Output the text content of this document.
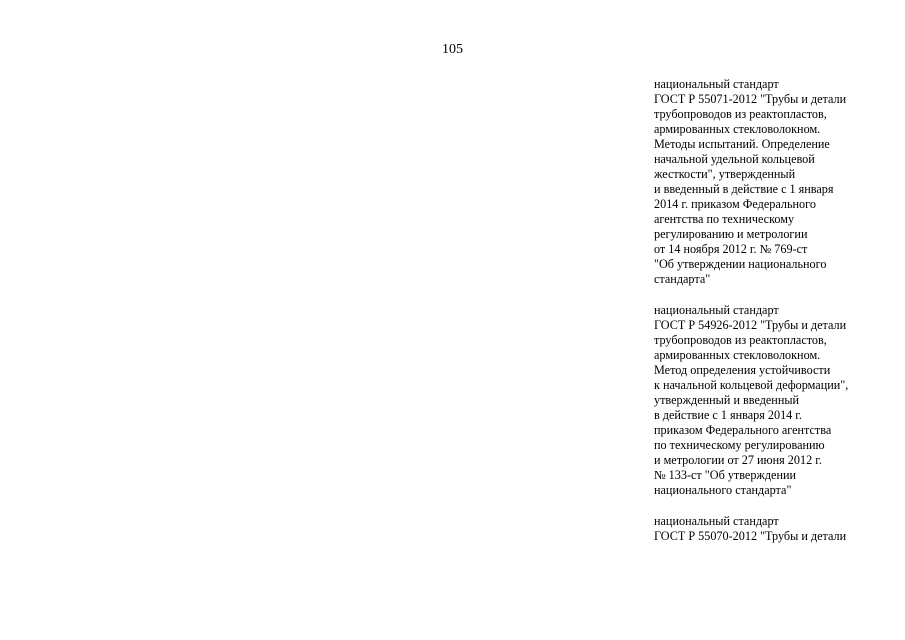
105
национальный стандарт
ГОСТ Р 55071-2012 "Трубы и детали
трубопроводов из реактопластов,
армированных стекловолокном.
Методы испытаний. Определение
начальной удельной кольцевой
жесткости", утвержденный
и введенный в действие с 1 января
2014 г. приказом Федерального
агентства по техническому
регулированию и метрологии
от 14 ноября 2012 г. № 769-ст
"Об утверждении национального
стандарта"
национальный стандарт
ГОСТ Р 54926-2012 "Трубы и детали
трубопроводов из реактопластов,
армированных стекловолокном.
Метод определения устойчивости
к начальной кольцевой деформации",
утвержденный и введенный
в действие с 1 января 2014 г.
приказом Федерального агентства
по техническому регулированию
и метрологии от 27 июня 2012 г.
№ 133-ст "Об утверждении
национального стандарта"
национальный стандарт
ГОСТ Р 55070-2012 "Трубы и детали
